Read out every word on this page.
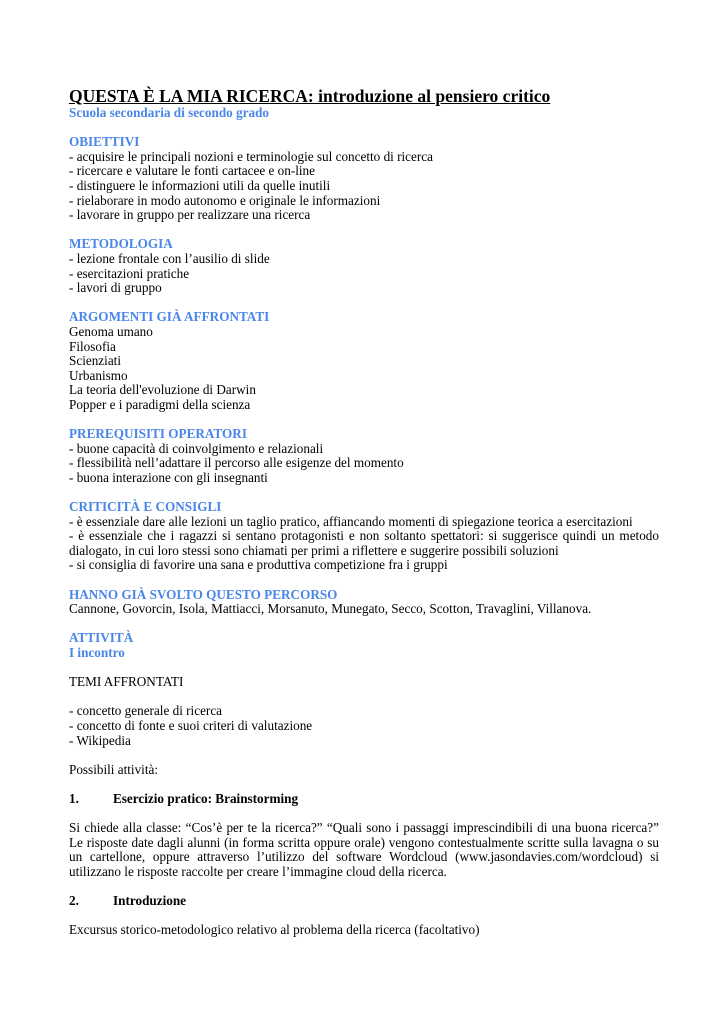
QUESTA È LA MIA RICERCA: introduzione al pensiero critico

Scuola secondaria di secondo grado

OBIETTIVI

- acquisire le principali nozioni e terminologie sul concetto di ricerca

- ricercare e valutare le fonti cartacee e on-line

- distinguere le informazioni utili da quelle inutili

- rielaborare in modo autonomo e originale le informazioni

- lavorare in gruppo per realizzare una ricerca

METODOLOGIA

- lezione frontale con l’ausilio di slide

- esercitazioni pratiche

- lavori di gruppo

ARGOMENTI GIÀ AFFRONTATI

Genoma umano

Filosofia

Scienziati

Urbanismo

La teoria dell'evoluzione di Darwin

Popper e i paradigmi della scienza

PREREQUISITI OPERATORI

- buone capacità di coinvolgimento e relazionali

- flessibilità nell’adattare il percorso alle esigenze del momento

- buona interazione con gli insegnanti

CRITICITÀ E CONSIGLI

- è essenziale dare alle lezioni un taglio pratico, affiancando momenti di spiegazione teorica a esercitazioni

- è essenziale che i ragazzi si sentano protagonisti e non soltanto spettatori: si suggerisce quindi un metodo dialogato, in cui loro stessi sono chiamati per primi a riflettere e suggerire possibili soluzioni

- si consiglia di favorire una sana e produttiva competizione fra i gruppi

HANNO GIÀ SVOLTO QUESTO PERCORSO

Cannone, Govorcin, Isola, Mattiacci, Morsanuto, Munegato, Secco, Scotton, Travaglini, Villanova.

ATTIVITÀ

I incontro

TEMI AFFRONTATI

- concetto generale di ricerca

- concetto di fonte e suoi criteri di valutazione

- Wikipedia

Possibili attività:

1.	Esercizio pratico: Brainstorming

Si chiede alla classe: “Cos’è per te la ricerca?” “Quali sono i passaggi imprescindibili di una buona ricerca?” Le risposte date dagli alunni (in forma scritta oppure orale) vengono contestualmente scritte sulla lavagna o su un cartellone, oppure attraverso l’utilizzo del software Wordcloud (www.jasondavies.com/wordcloud) si utilizzano le risposte raccolte per creare l’immagine cloud della ricerca.

2.	Introduzione

Excursus storico-metodologico relativo al problema della ricerca (facoltativo)
